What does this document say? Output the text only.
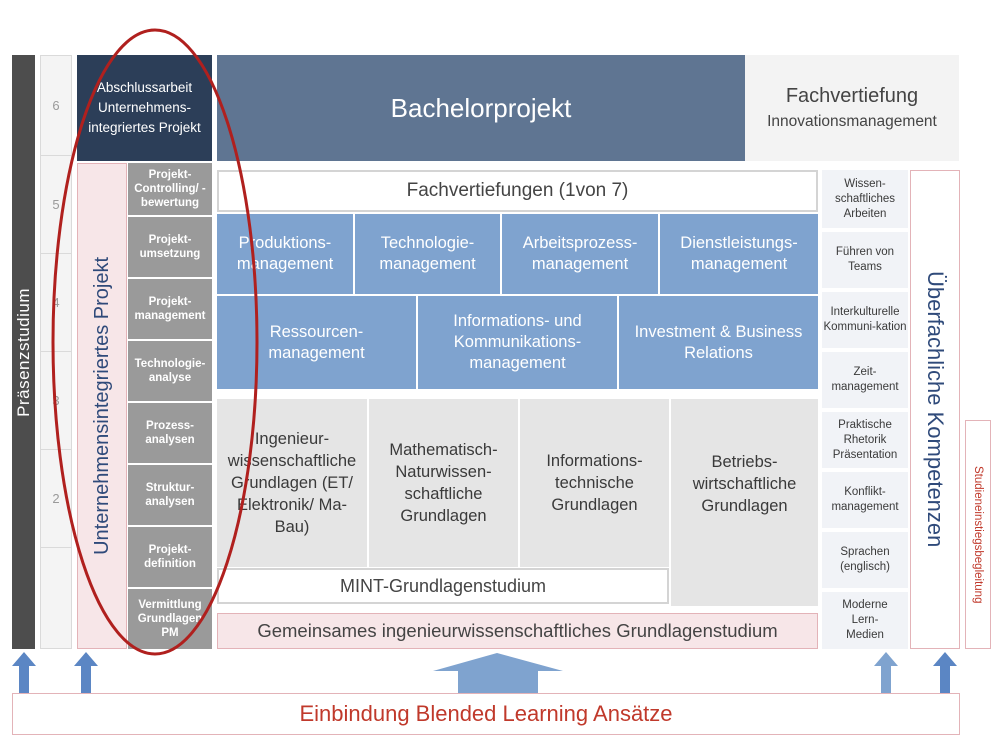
Präsenzstudium
6
5
4
3
2
Abschlussarbeit Unternehmens-integriertes Projekt
Bachelorprojekt	Fachvertiefung
Innovationsmanagement
Unternehmensintegriertes Projekt
Projekt-Controlling/ -bewertung
Projekt-umsetzung
Projekt-management
Technologie-analyse
Prozess-analysen
Struktur-analysen
Projekt-definition
Vermittlung Grundlagen PM
Fachvertiefungen (1von 7)
Produktions-management
Technologie-management
Arbeitsprozess-management
Dienstleistungs-management
Ressourcen-management
Informations- und Kommunikations-management
Investment & Business Relations
Ingenieur-wissenschaftliche Grundlagen (ET/ Elektronik/ Ma-Bau)
Mathematisch-Naturwissen-schaftliche Grundlagen
Informations-technische Grundlagen
Betriebs-wirtschaftliche Grundlagen
MINT-Grundlagenstudium
Gemeinsames ingenieurwissenschaftliches Grundlagenstudium
Wissen-schaftliches Arbeiten
Führen von Teams
Interkulturelle Kommuni-kation
Zeit-management
Praktische Rhetorik Präsentation
Konflikt-management
Sprachen (englisch)
Moderne Lern-Medien
Überfachliche Kompetenzen Studieneinstiegsbegleitung
Einbindung Blended Learning Ansätze
